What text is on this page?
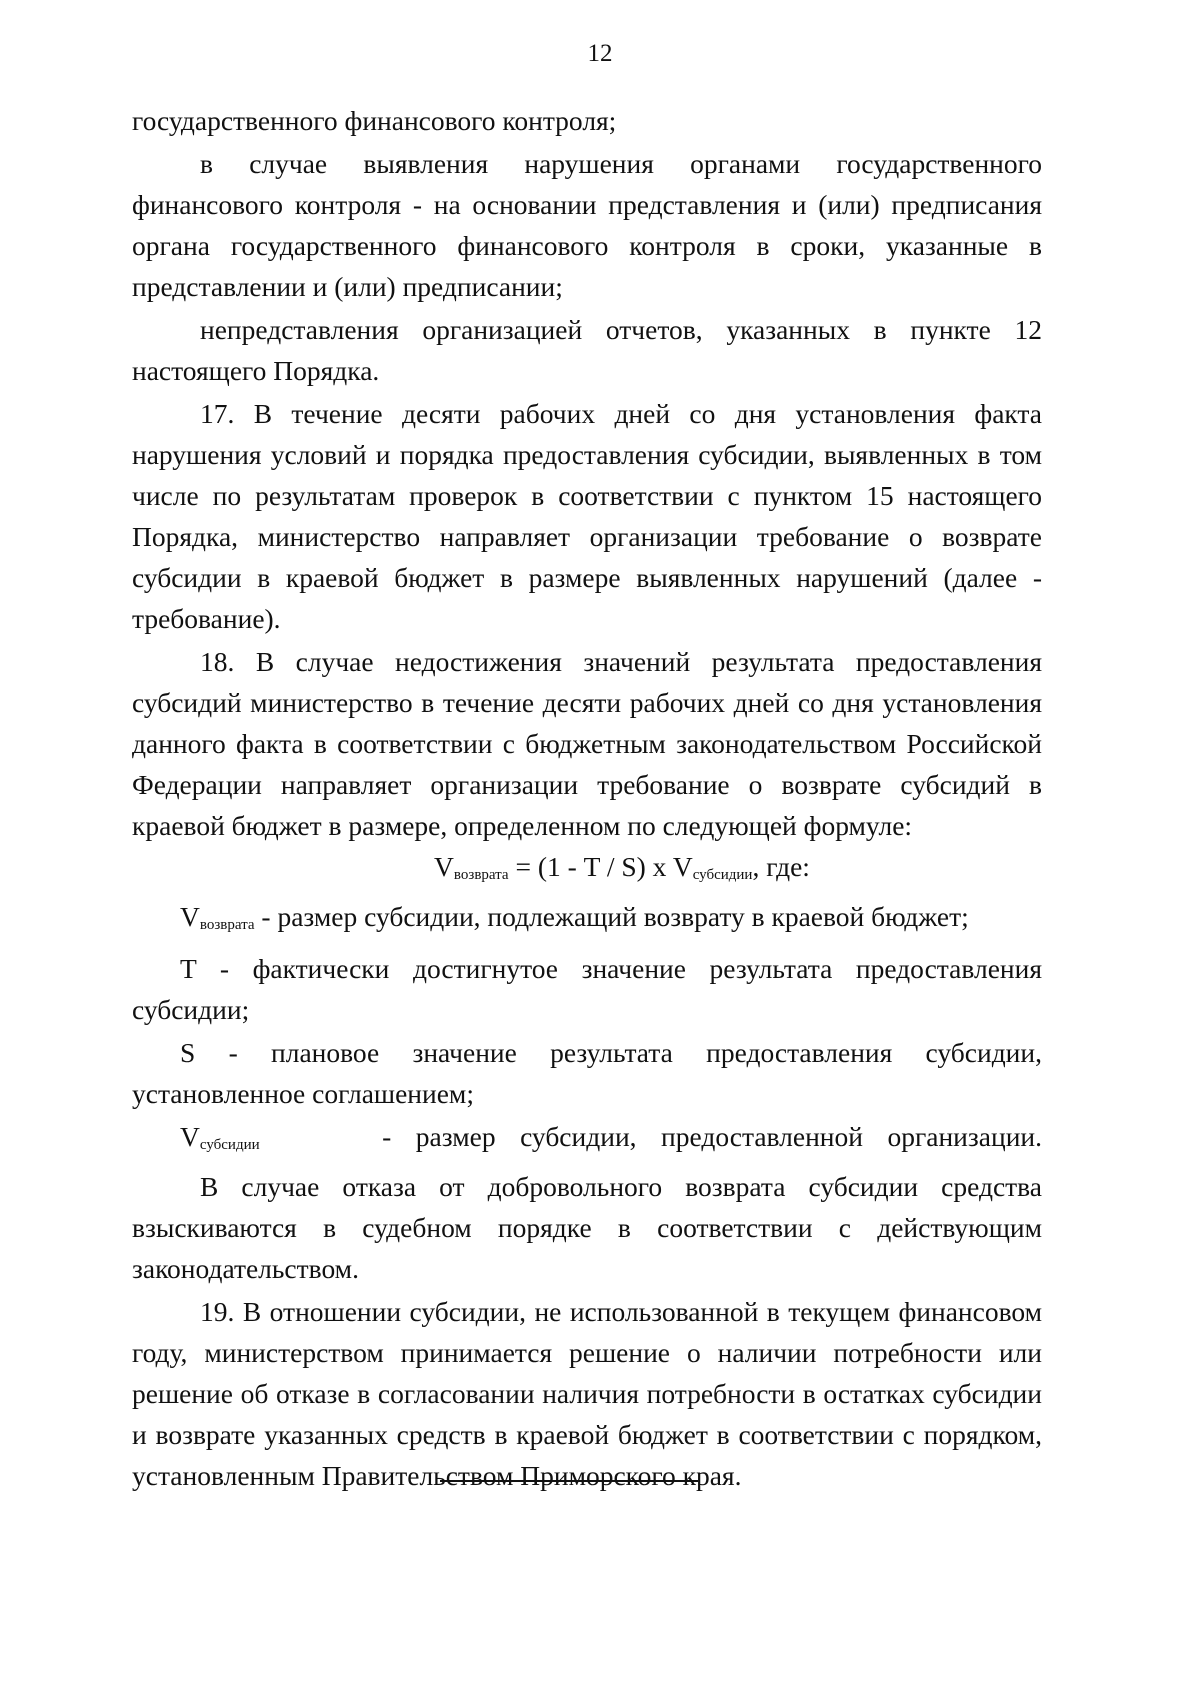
12

государственного финансового контроля;

в случае выявления нарушения органами государственного финансового контроля - на основании представления и (или) предписания органа государственного финансового контроля в сроки, указанные в представлении и (или) предписании;

непредставления организацией отчетов, указанных в пункте 12 настоящего Порядка.

17. В течение десяти рабочих дней со дня установления факта нарушения условий и порядка предоставления субсидии, выявленных в том числе по результатам проверок в соответствии с пунктом 15 настоящего Порядка, министерство направляет организации требование о возврате субсидии в краевой бюджет в размере выявленных нарушений (далее - требование).

18. В случае недостижения значений результата предоставления субсидий министерство в течение десяти рабочих дней со дня установления данного факта в соответствии с бюджетным законодательством Российской Федерации направляет организации требование о возврате субсидий в краевой бюджет в размере, определенном по следующей формуле:

$V_{возврата} = (1 - T / S)$ x $V_{субсидии}$, где:

$V_{возврата}$ - размер субсидии, подлежащий возврату в краевой бюджет;

T - фактически достигнутое значение результата предоставления субсидии;

S - плановое значение результата предоставления субсидии, установленное соглашением;

$V_{субсидии}$	- размер субсидии, предоставленной организации.

В случае отказа от добровольного возврата субсидии средства взыскиваются в судебном порядке в соответствии с действующим законодательством.

19. В отношении субсидии, не использованной в текущем финансовом году, министерством принимается решение о наличии потребности или решение об отказе в согласовании наличия потребности в остатках субсидии и возврате указанных средств в краевой бюджет в соответствии с порядком, установленным Правительством Приморского края.
